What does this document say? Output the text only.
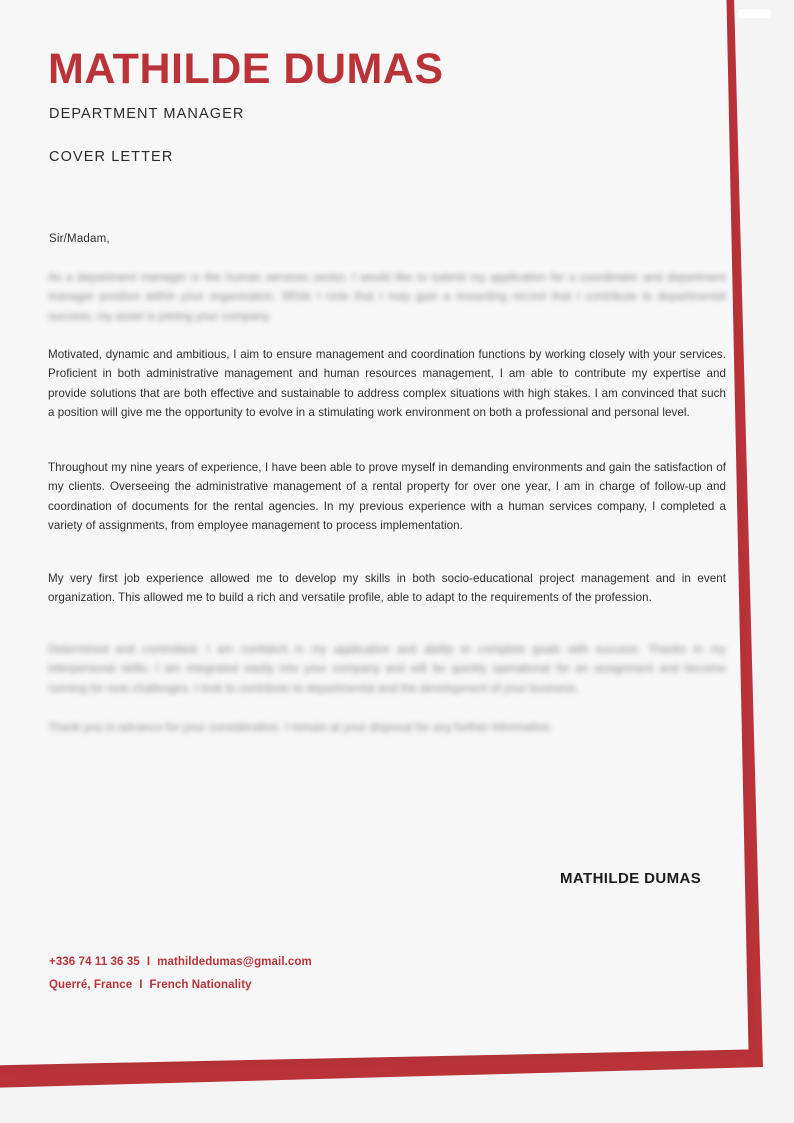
MATHILDE DUMAS
DEPARTMENT MANAGER
COVER LETTER
Sir/Madam,
As a department manager in the human services sector, I would like to submit my application for a coordinator and department manager position within your organisation. While I note that I may gain a rewarding record that I contribute to departmental success, my asset is joining your company.
Motivated, dynamic and ambitious, I aim to ensure management and coordination functions by working closely with your services. Proficient in both administrative management and human resources management, I am able to contribute my expertise and provide solutions that are both effective and sustainable to address complex situations with high stakes. I am convinced that such a position will give me the opportunity to evolve in a stimulating work environment on both a professional and personal level.
Throughout my nine years of experience, I have been able to prove myself in demanding environments and gain the satisfaction of my clients. Overseeing the administrative management of a rental property for over one year, I am in charge of follow-up and coordination of documents for the rental agencies. In my previous experience with a human services company, I completed a variety of assignments, from employee management to process implementation.
My very first job experience allowed me to develop my skills in both socio-educational project management and in event organization. This allowed me to build a rich and versatile profile, able to adapt to the requirements of the profession.
Determined and committed, I am confident in my application and ability to complete goals with success. Thanks to my interpersonal skills, I am integrated easily into your company and will be quickly operational for an assignment and become running for new challenges. I look to contribute to departmental and the development of your business.
Thank you in advance for your consideration. I remain at your disposal for any further information.
MATHILDE DUMAS
+336 74 11 36 35 I mathildedumas@gmail.com
Querré, France I French Nationality
